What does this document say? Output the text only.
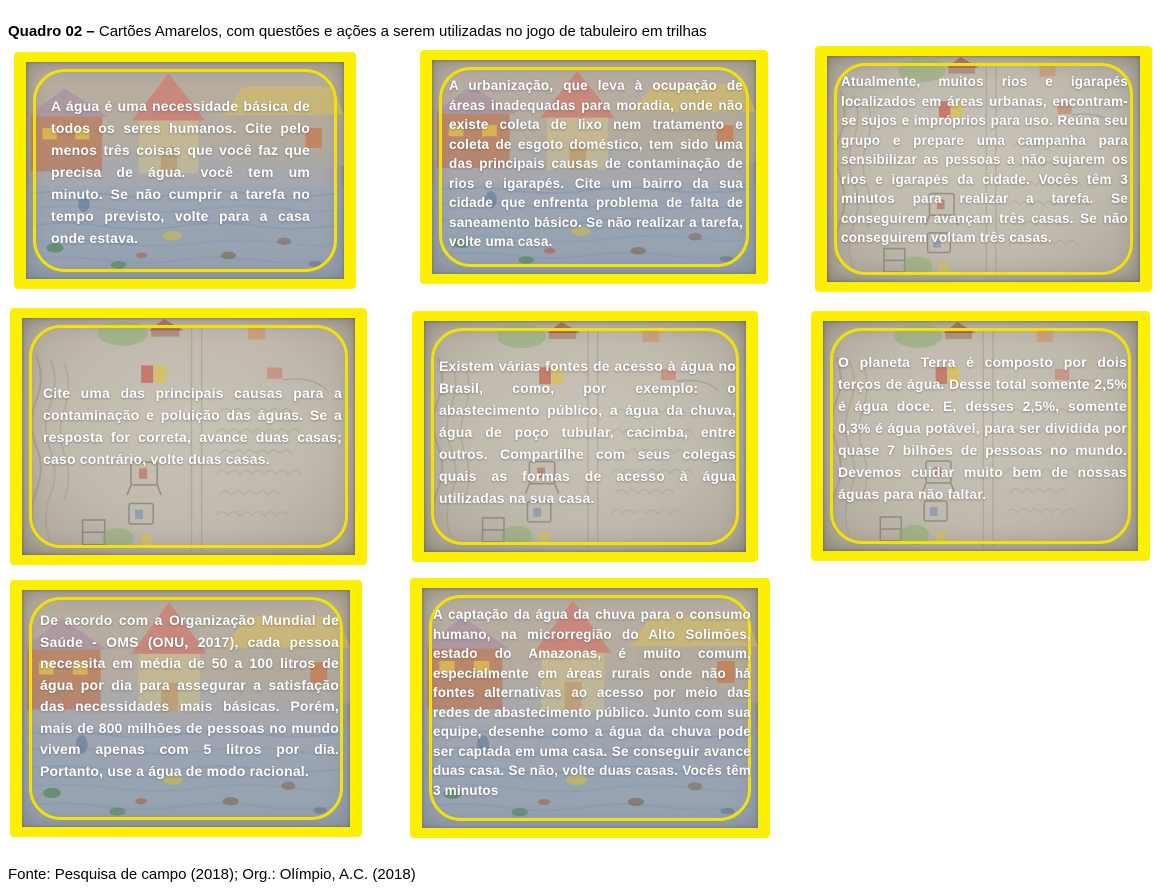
Quadro 02 – Cartões Amarelos, com questões e ações a serem utilizadas no jogo de tabuleiro em trilhas

A água é uma necessidade básica de todos os seres humanos. Cite pelo menos três coisas que você faz que precisa de água. você tem um minuto. Se não cumprir a tarefa no tempo previsto, volte para a casa onde estava.

A urbanização, que leva à ocupação de áreas inadequadas para moradia, onde não existe coleta de lixo nem tratamento e coleta de esgoto doméstico, tem sido uma das principais causas de contaminação de rios e igarapés. Cite um bairro da sua cidade que enfrenta problema de falta de saneamento básico. Se não realizar a tarefa, volte uma casa.

Atualmente, muitos rios e igarapés localizados em áreas urbanas, encontram-se sujos e impróprios para uso. Reúna seu grupo e prepare uma campanha para sensibilizar as pessoas a não sujarem os rios e igarapés da cidade. Vocês têm 3 minutos para realizar a tarefa. Se conseguirem avançam três casas. Se não conseguirem voltam três casas.

Cite uma das principais causas para a contaminação e poluição das águas. Se a resposta for correta, avance duas casas; caso contrário, volte duas casas.

Existem várias fontes de acesso à água no Brasil, como, por exemplo: o abastecimento público, a água da chuva, água de poço tubular, cacimba, entre outros. Compartilhe com seus colegas quais as formas de acesso à água utilizadas na sua casa.

O planeta Terra é composto por dois terços de água. Desse total somente 2,5% é água doce. E, desses 2,5%, somente 0,3% é água potável, para ser dividida por quase 7 bilhões de pessoas no mundo. Devemos cuidar muito bem de nossas águas para não faltar.

De acordo com a Organização Mundial de Saúde - OMS (ONU, 2017), cada pessoa necessita em média de 50 a 100 litros de água por dia para assegurar a satisfação das necessidades mais básicas. Porém, mais de 800 milhões de pessoas no mundo vivem apenas com 5 litros por dia. Portanto, use a água de modo racional.

A captação da água da chuva para o consumo humano, na microrregião do Alto Solimões, estado do Amazonas, é muito comum, especialmente em áreas rurais onde não há fontes alternativas ao acesso por meio das redes de abastecimento público. Junto com sua equipe, desenhe como a água da chuva pode ser captada em uma casa. Se conseguir avance duas casa. Se não, volte duas casas. Vocês têm 3 minutos

Fonte: Pesquisa de campo (2018); Org.: Olímpio, A.C. (2018)
